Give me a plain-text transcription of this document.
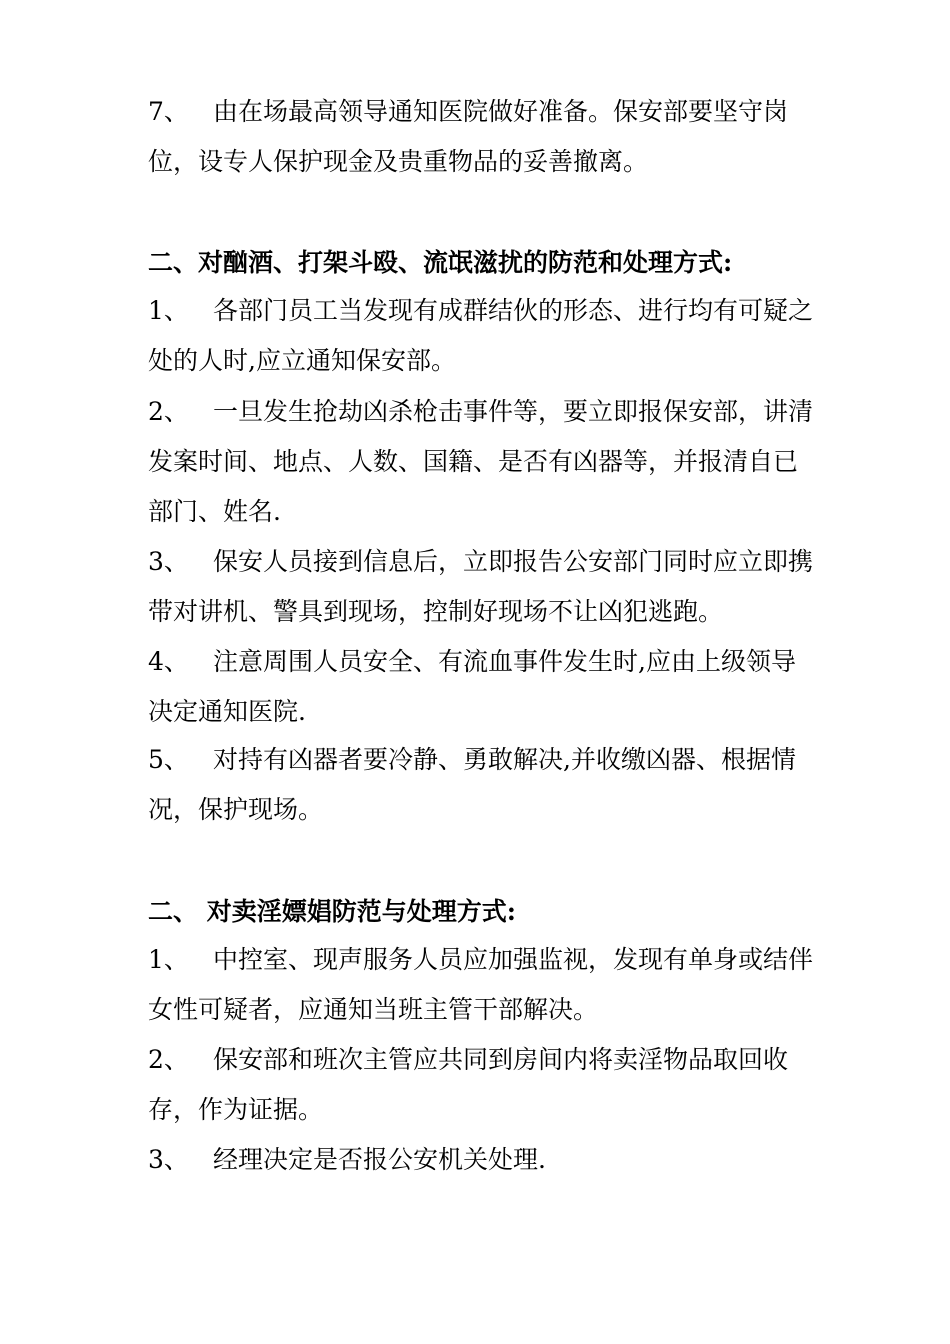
7、 由在场最高领导通知医院做好准备。保安部要坚守岗位，设专人保护现金及贵重物品的妥善撤离。

二、对酗酒、打架斗殴、流氓滋扰的防范和处理方式:

1、 各部门员工当发现有成群结伙的形态、进行均有可疑之处的人时,应立通知保安部。

2、 一旦发生抢劫凶杀枪击事件等，要立即报保安部，讲清发案时间、地点、人数、国籍、是否有凶器等，并报清自已部门、姓名.

3、 保安人员接到信息后，立即报告公安部门同时应立即携带对讲机、警具到现场，控制好现场不让凶犯逃跑。

4、 注意周围人员安全、有流血事件发生时,应由上级领导决定通知医院.

5、 对持有凶器者要冷静、勇敢解决,并收缴凶器、根据情况，保护现场。

二、 对卖淫嫖娼防范与处理方式:

1、 中控室、现声服务人员应加强监视，发现有单身或结伴女性可疑者，应通知当班主管干部解决。

2、 保安部和班次主管应共同到房间内将卖淫物品取回收存，作为证据。

3、 经理决定是否报公安机关处理.
